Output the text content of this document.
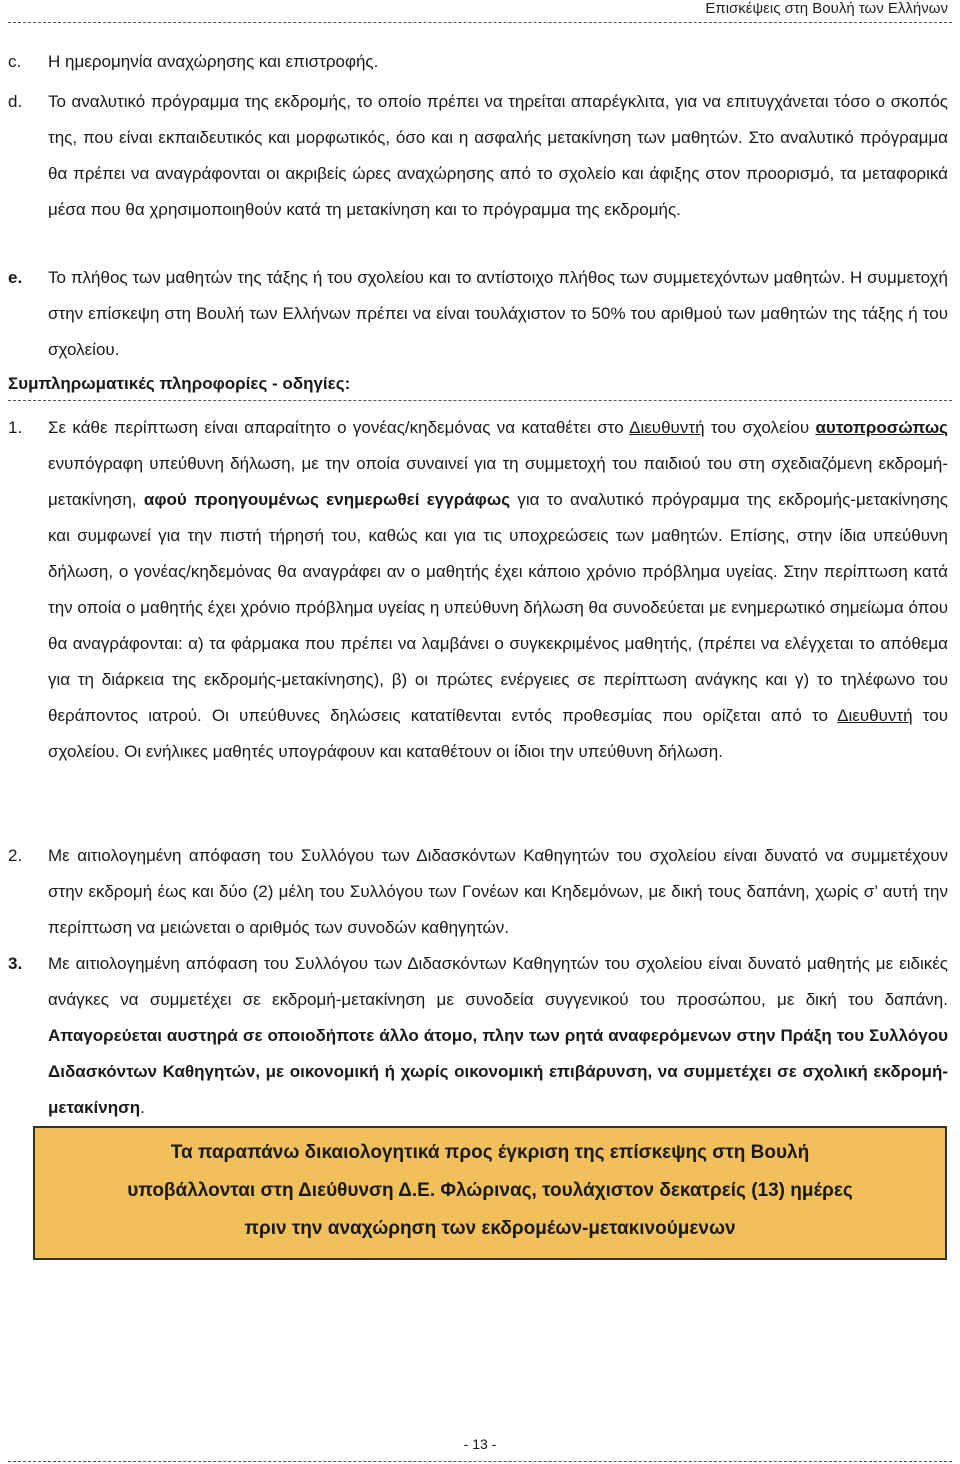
Επισκέψεις στη Βουλή των Ελλήνων
c. Η ημερομηνία αναχώρησης και επιστροφής.
d. Το αναλυτικό πρόγραμμα της εκδρομής, το οποίο πρέπει να τηρείται απαρέγκλιτα, για να επιτυγχάνεται τόσο ο σκοπός της, που είναι εκπαιδευτικός και μορφωτικός, όσο και η ασφαλής μετακίνηση των μαθητών. Στο αναλυτικό πρόγραμμα θα πρέπει να αναγράφονται οι ακριβείς ώρες αναχώρησης από το σχολείο και άφιξης στον προορισμό, τα μεταφορικά μέσα που θα χρησιμοποιηθούν κατά τη μετακίνηση και το πρόγραμμα της εκδρομής.
e. Το πλήθος των μαθητών της τάξης ή του σχολείου και το αντίστοιχο πλήθος των συμμετεχόντων μαθητών. Η συμμετοχή στην επίσκεψη στη Βουλή των Ελλήνων πρέπει να είναι τουλάχιστον το 50% του αριθμού των μαθητών της τάξης ή του σχολείου.
Συμπληρωματικές πληροφορίες - οδηγίες:
1. Σε κάθε περίπτωση είναι απαραίτητο ο γονέας/κηδεμόνας να καταθέτει στο Διευθυντή του σχολείου αυτοπροσώπως ενυπόγραφη υπεύθυνη δήλωση, με την οποία συναινεί για τη συμμετοχή του παιδιού του στη σχεδιαζόμενη εκδρομή-μετακίνηση, αφού προηγουμένως ενημερωθεί εγγράφως για το αναλυτικό πρόγραμμα της εκδρομής-μετακίνησης και συμφωνεί για την πιστή τήρησή του, καθώς και για τις υποχρεώσεις των μαθητών. Επίσης, στην ίδια υπεύθυνη δήλωση, ο γονέας/κηδεμόνας θα αναγράφει αν ο μαθητής έχει κάποιο χρόνιο πρόβλημα υγείας. Στην περίπτωση κατά την οποία ο μαθητής έχει χρόνιο πρόβλημα υγείας η υπεύθυνη δήλωση θα συνοδεύεται με ενημερωτικό σημείωμα όπου θα αναγράφονται: α) τα φάρμακα που πρέπει να λαμβάνει ο συγκεκριμένος μαθητής, (πρέπει να ελέγχεται το απόθεμα για τη διάρκεια της εκδρομής-μετακίνησης), β) οι πρώτες ενέργειες σε περίπτωση ανάγκης και γ) το τηλέφωνο του θεράποντος ιατρού. Οι υπεύθυνες δηλώσεις κατατίθενται εντός προθεσμίας που ορίζεται από το Διευθυντή του σχολείου. Οι ενήλικες μαθητές υπογράφουν και καταθέτουν οι ίδιοι την υπεύθυνη δήλωση.
2. Με αιτιολογημένη απόφαση του Συλλόγου των Διδασκόντων Καθηγητών του σχολείου είναι δυνατό να συμμετέχουν στην εκδρομή έως και δύο (2) μέλη του Συλλόγου των Γονέων και Κηδεμόνων, με δική τους δαπάνη, χωρίς σ’ αυτή την περίπτωση να μειώνεται ο αριθμός των συνοδών καθηγητών.
3. Με αιτιολογημένη απόφαση του Συλλόγου των Διδασκόντων Καθηγητών του σχολείου είναι δυνατό μαθητής με ειδικές ανάγκες να συμμετέχει σε εκδρομή-μετακίνηση με συνοδεία συγγενικού του προσώπου, με δική του δαπάνη. Απαγορεύεται αυστηρά σε οποιοδήποτε άλλο άτομο, πλην των ρητά αναφερόμενων στην Πράξη του Συλλόγου Διδασκόντων Καθηγητών, με οικονομική ή χωρίς οικονομική επιβάρυνση, να συμμετέχει σε σχολική εκδρομή-μετακίνηση.
Τα παραπάνω δικαιολογητικά προς έγκριση της επίσκεψης στη Βουλή
υποβάλλονται στη Διεύθυνση Δ.Ε. Φλώρινας, τουλάχιστον δεκατρείς (13) ημέρες
πριν την αναχώρηση των εκδρομέων-μετακινούμενων
- 13 -
